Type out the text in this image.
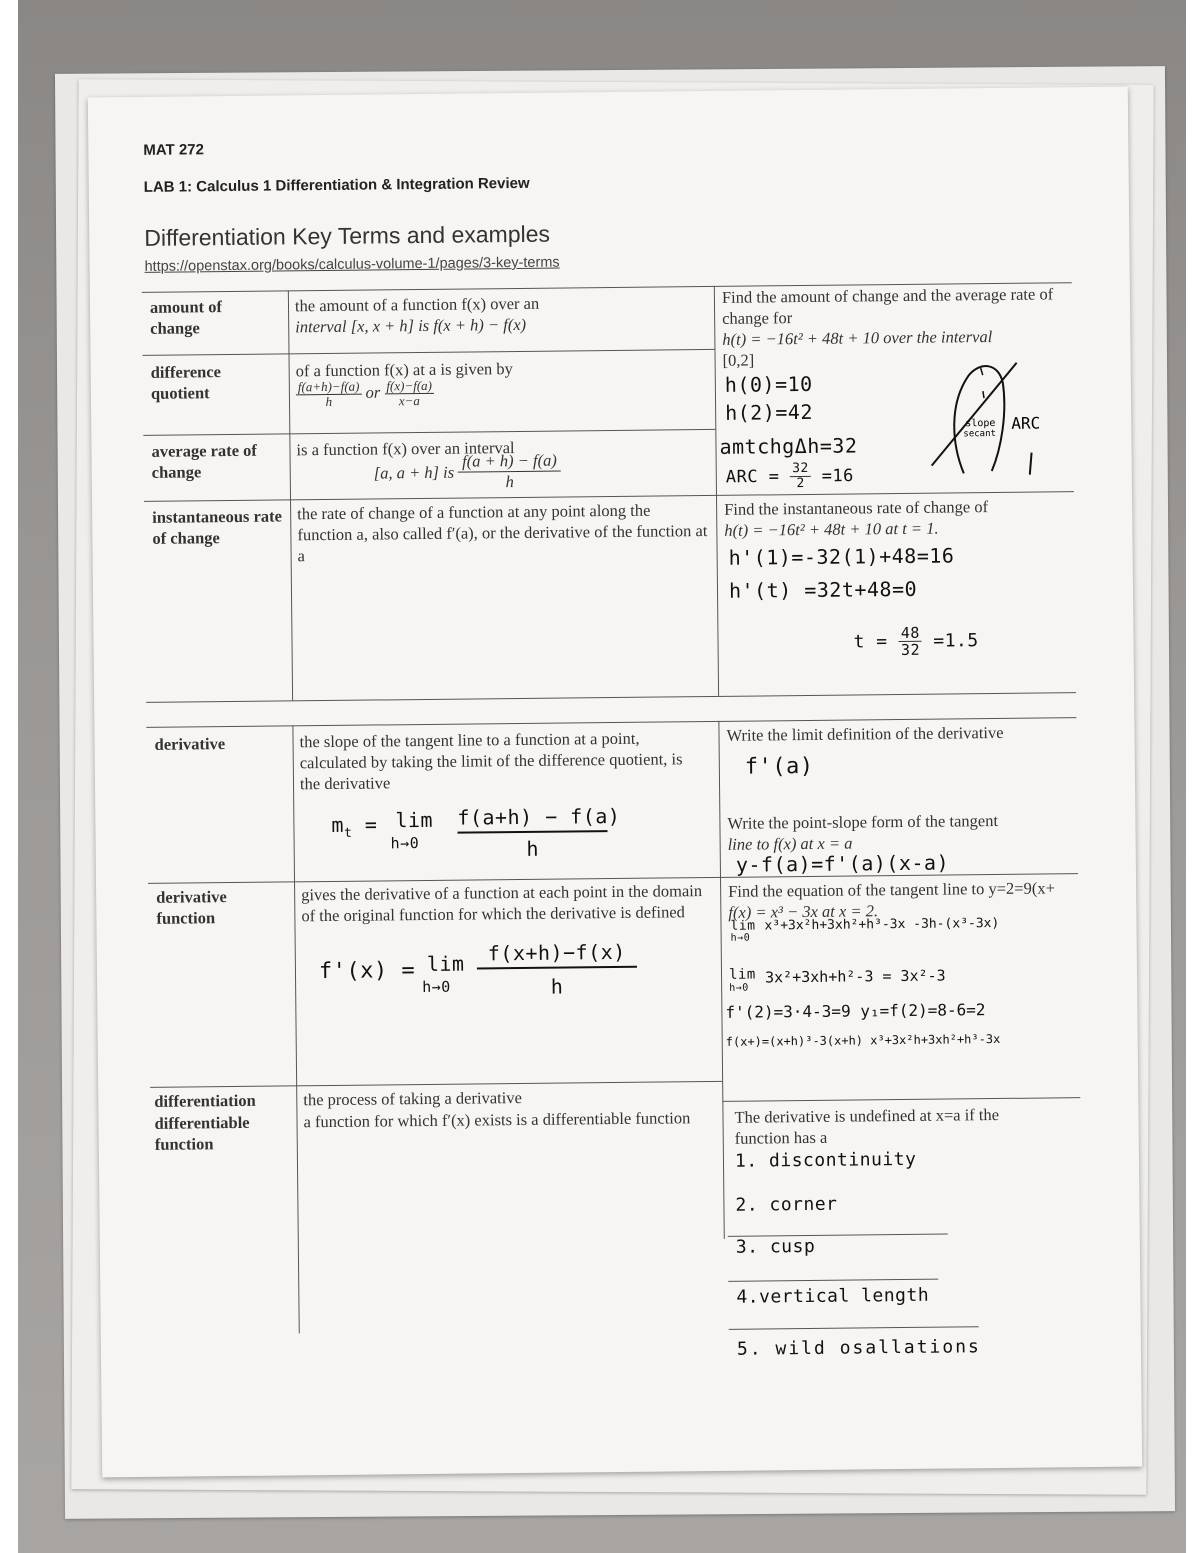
MAT 272
LAB 1: Calculus 1 Differentiation & Integration Review
Differentiation Key Terms and examples
https://openstax.org/books/calculus-volume-1/pages/3-key-terms
amount of change
the amount of a function f(x) over an
interval [x, x + h] is f(x + h) − f(x)
difference quotient
of a function f(x) at a is given by
$\frac{f(a+h)-f(a)}{h}$ or $\frac{f(x)-f(a)}{x-a}$
average rate of change
is a function f(x) over an interval
[a, a + h] is $\frac{f(a + h) - f(a)}{h}$
instantaneous rate of change
the rate of change of a function at any point along the function a, also called f′(a), or the derivative of the function at a
Find the amount of change and the average rate of change for
h(t) = −16t² + 48t + 10 over the interval
[0,2]
h(0)=10
h(2)=42
amtchgΔh=32
ARC = $\frac{32}{2} =16$
slope
secant
ARC
Find the instantaneous rate of change of
h(t) = −16t² + 48t + 10 at t = 1.
h'(1)=-32(1)+48=16
h'(t) =32t+48=0
$t = \frac{48}{32} =1.5$
derivative	the slope of the tangent line to a function at a point, calculated by taking the limit of the difference quotient, is the derivative
$m_t = \lim$
$h\to 0 \frac{f(a+h) - f(a)}{h}$
Write the limit definition of the derivative
f'(a)
Write the point-slope form of the tangent
line to f(x) at x = a
y-f(a)=f'(a)(x-a)
derivative function
gives the derivative of a function at each point in the domain of the original function for which the derivative is defined
f'(x) = lim
$h\to 0 \frac{f(x+h)-f(x)}{h}$
Find the equation of the tangent line to y=2=9(x+
f(x) = x³ − 3x at x = 2.
lim
h→0
x³+3x²h+3xh²+h³-3x -3h-(x³-3x)
lim
h→0
3x²+3xh+h²-3 = 3x²-3
f'(2)=3·4-3=9 y₁=f(2)=8-6=2
f(x+)=(x+h)³-3(x+h) x³+3x²h+3xh²+h³-3x
differentiation
differentiable function
the process of taking a derivative
a function for which f′(x) exists is a differentiable function	The derivative is undefined at x=a if the
function has a
1. discontinuity
2. corner
3. cusp
4.vertical length
5. wild osallations
